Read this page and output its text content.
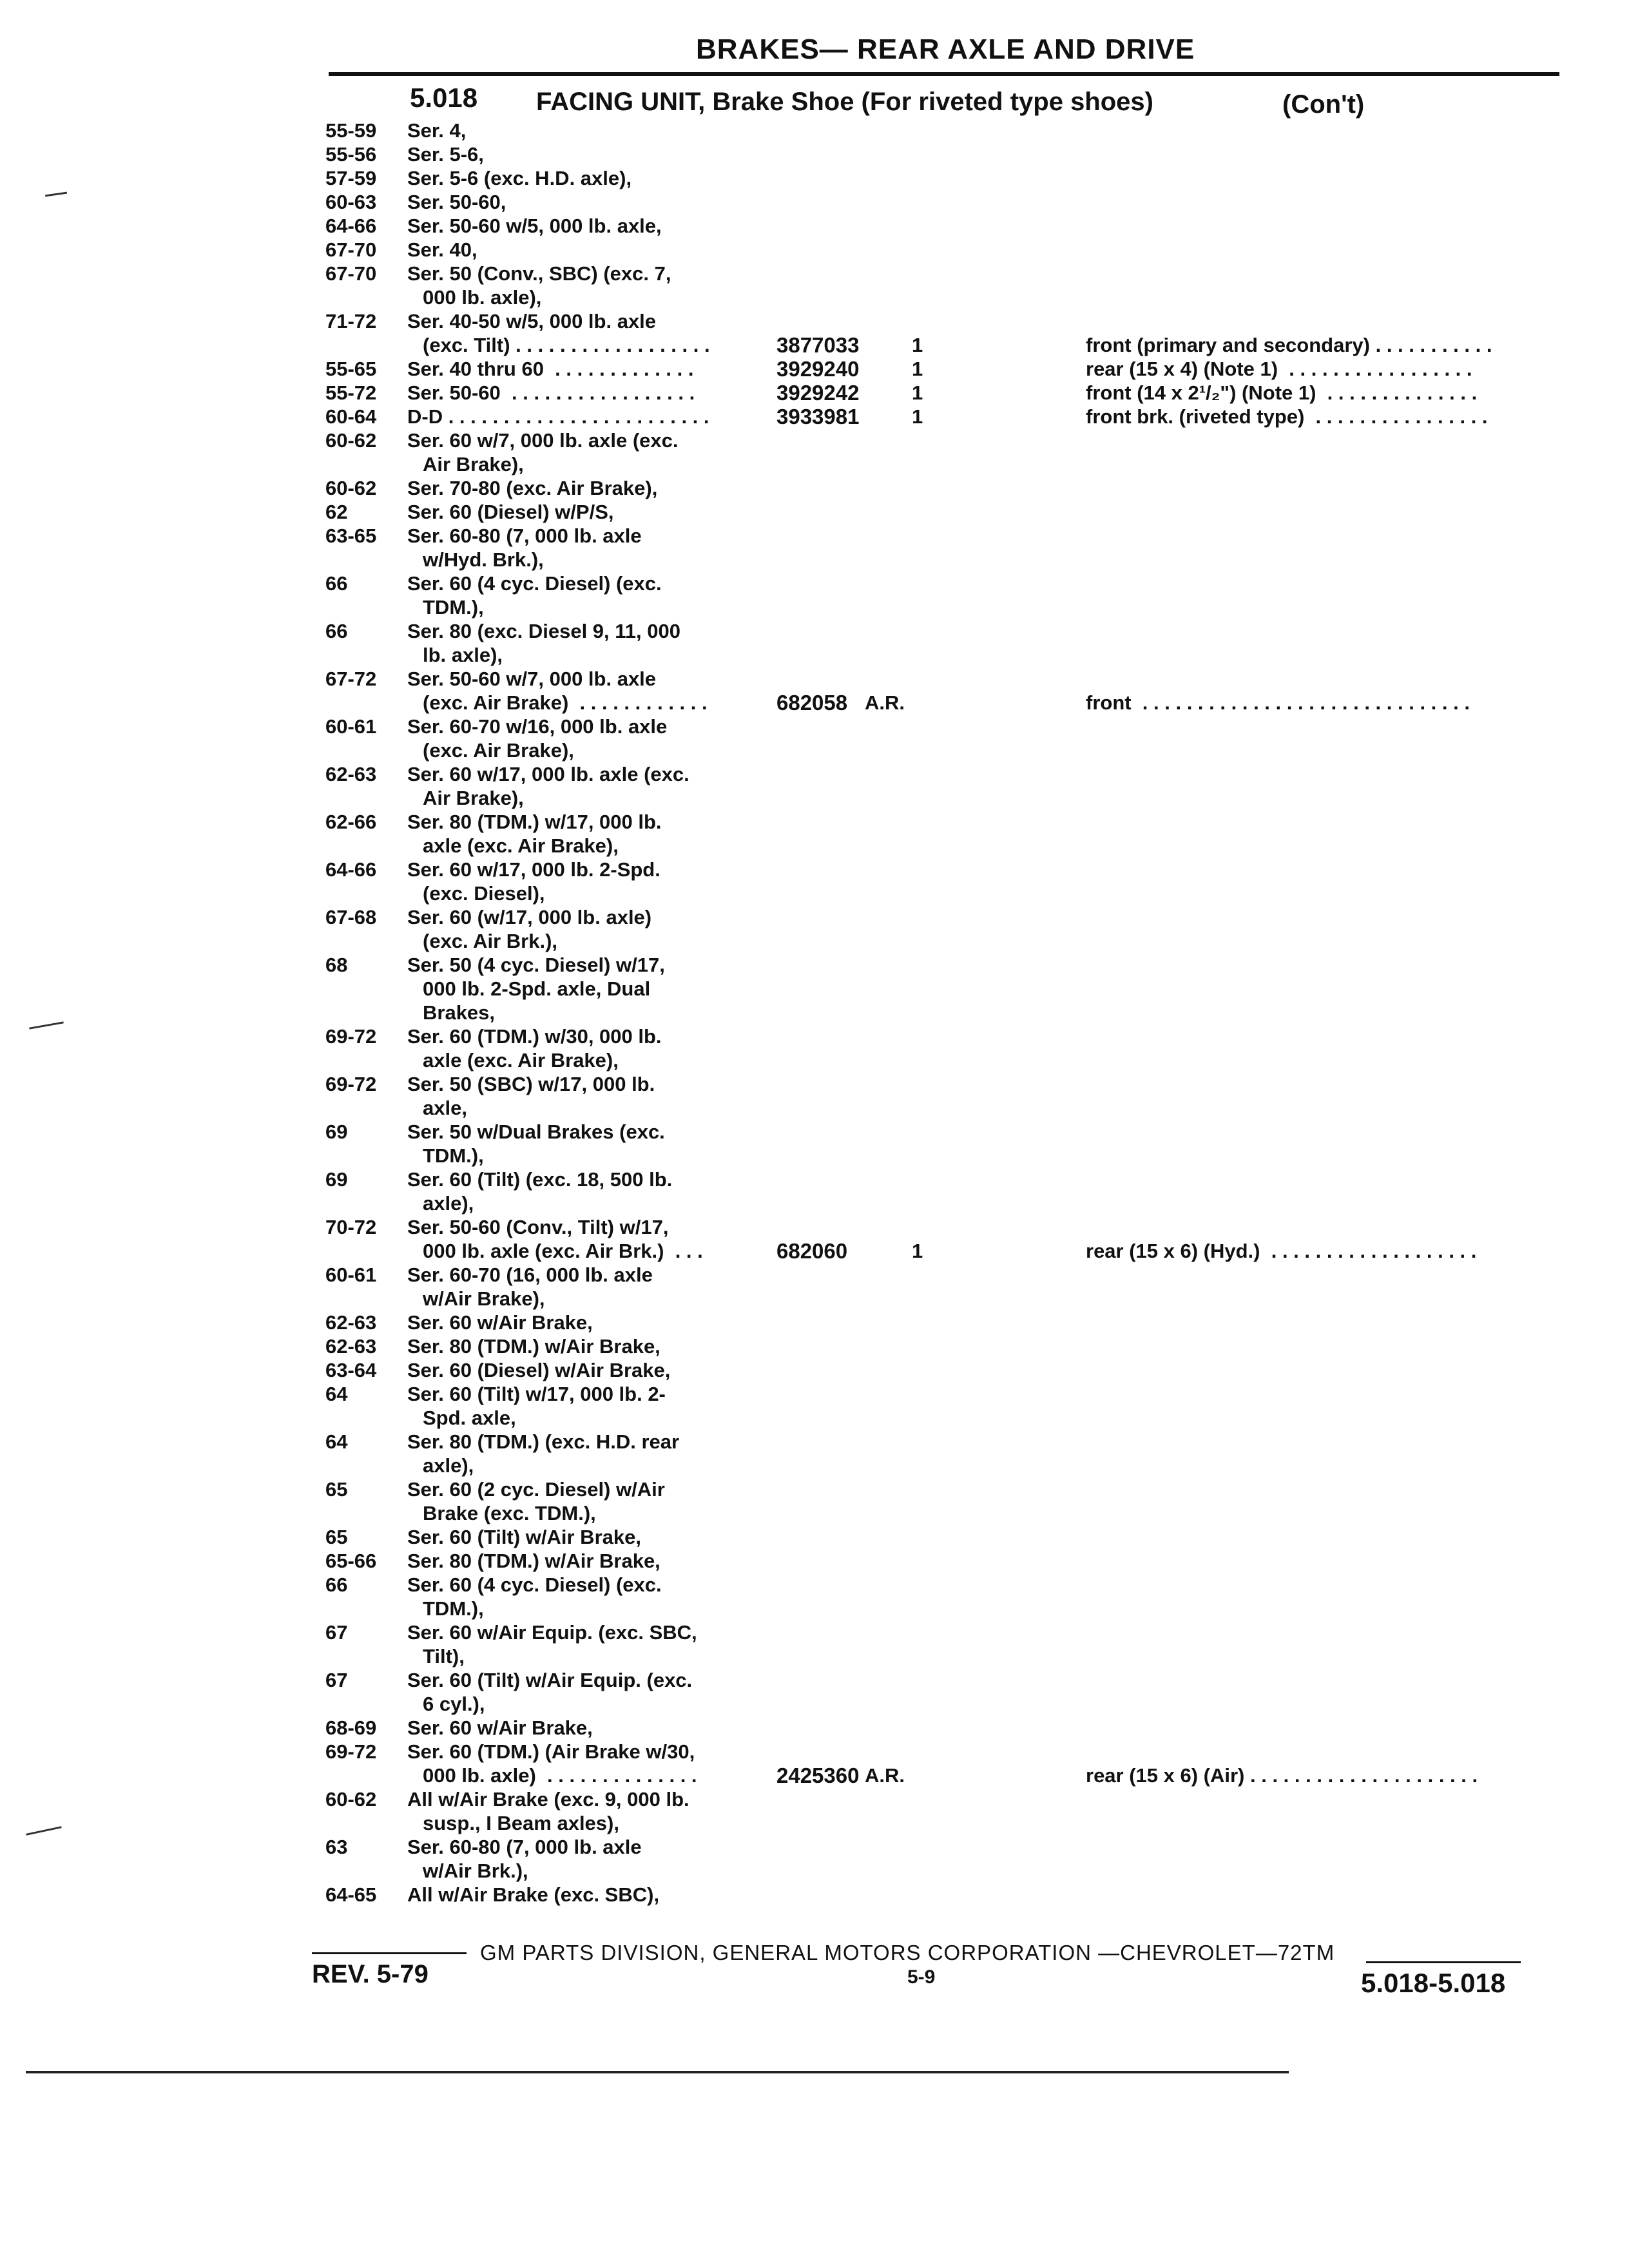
BRAKES— REAR AXLE AND DRIVE
5.018 FACING UNIT, Brake Shoe (For riveted type shoes)	(Con't)
55-59	Ser. 4,
55-56	Ser. 5-6,
57-59	Ser. 5-6 (exc. H.D. axle),
60-63	Ser. 50-60,
64-66	Ser. 50-60 w/5, 000 lb. axle,
67-70	Ser. 40,
67-70	Ser. 50 (Conv., SBC) (exc. 7,
000 lb. axle),
71-72	Ser. 40-50 w/5, 000 lb. axle
(exc. Tilt) . . . . . . . . . . . . . . . . . .	3877033	1	front (primary and secondary) . . . . . . . . . . .
55-65	Ser. 40 thru 60  . . . . . . . . . . . . .	3929240	1	rear (15 x 4) (Note 1)  . . . . . . . . . . . . . . . . .
55-72	Ser. 50-60  . . . . . . . . . . . . . . . . .	3929242	1	front (14 x 2¹/₂") (Note 1)  . . . . . . . . . . . . . .
60-64	D-D . . . . . . . . . . . . . . . . . . . . . . . .	3933981	1	front brk. (riveted type)  . . . . . . . . . . . . . . . .
60-62	Ser. 60 w/7, 000 lb. axle (exc.
Air Brake),
60-62	Ser. 70-80 (exc. Air Brake),
62	Ser. 60 (Diesel) w/P/S,
63-65	Ser. 60-80 (7, 000 lb. axle
w/Hyd. Brk.),
66	Ser. 60 (4 cyc. Diesel) (exc.
TDM.),
66	Ser. 80 (exc. Diesel 9, 11, 000
lb. axle),
67-72	Ser. 50-60 w/7, 000 lb. axle
(exc. Air Brake)  . . . . . . . . . . . .	682058 A.R.	front  . . . . . . . . . . . . . . . . . . . . . . . . . . . . . .
60-61	Ser. 60-70 w/16, 000 lb. axle
(exc. Air Brake),
62-63	Ser. 60 w/17, 000 lb. axle (exc.
Air Brake),
62-66	Ser. 80 (TDM.) w/17, 000 lb.
axle (exc. Air Brake),
64-66	Ser. 60 w/17, 000 lb. 2-Spd.
(exc. Diesel),
67-68	Ser. 60 (w/17, 000 lb. axle)
(exc. Air Brk.),
68	Ser. 50 (4 cyc. Diesel) w/17,
000 lb. 2-Spd. axle, Dual
Brakes,
69-72	Ser. 60 (TDM.) w/30, 000 lb.
axle (exc. Air Brake),
69-72	Ser. 50 (SBC) w/17, 000 lb.
axle,
69	Ser. 50 w/Dual Brakes (exc.
TDM.),
69	Ser. 60 (Tilt) (exc. 18, 500 lb.
axle),
70-72	Ser. 50-60 (Conv., Tilt) w/17,
000 lb. axle (exc. Air Brk.)  . . .	682060	1	rear (15 x 6) (Hyd.)  . . . . . . . . . . . . . . . . . . .
60-61	Ser. 60-70 (16, 000 lb. axle
w/Air Brake),
62-63	Ser. 60 w/Air Brake,
62-63	Ser. 80 (TDM.) w/Air Brake,
63-64	Ser. 60 (Diesel) w/Air Brake,
64	Ser. 60 (Tilt) w/17, 000 lb. 2-
Spd. axle,
64	Ser. 80 (TDM.) (exc. H.D. rear
axle),
65	Ser. 60 (2 cyc. Diesel) w/Air
Brake (exc. TDM.),
65	Ser. 60 (Tilt) w/Air Brake,
65-66	Ser. 80 (TDM.) w/Air Brake,
66	Ser. 60 (4 cyc. Diesel) (exc.
TDM.),
67	Ser. 60 w/Air Equip. (exc. SBC,
Tilt),
67	Ser. 60 (Tilt) w/Air Equip. (exc.
6 cyl.),
68-69	Ser. 60 w/Air Brake,
69-72	Ser. 60 (TDM.) (Air Brake w/30,
000 lb. axle)  . . . . . . . . . . . . . .	2425360 A.R.	rear (15 x 6) (Air) . . . . . . . . . . . . . . . . . . . . .
60-62	All w/Air Brake (exc. 9, 000 lb.
susp., I Beam axles),
63	Ser. 60-80 (7, 000 lb. axle
w/Air Brk.),
64-65	All w/Air Brake (exc. SBC),
GM PARTS DIVISION, GENERAL MOTORS CORPORATION —CHEVROLET—72TM
REV. 5-79	5-9	5.018-5.018
